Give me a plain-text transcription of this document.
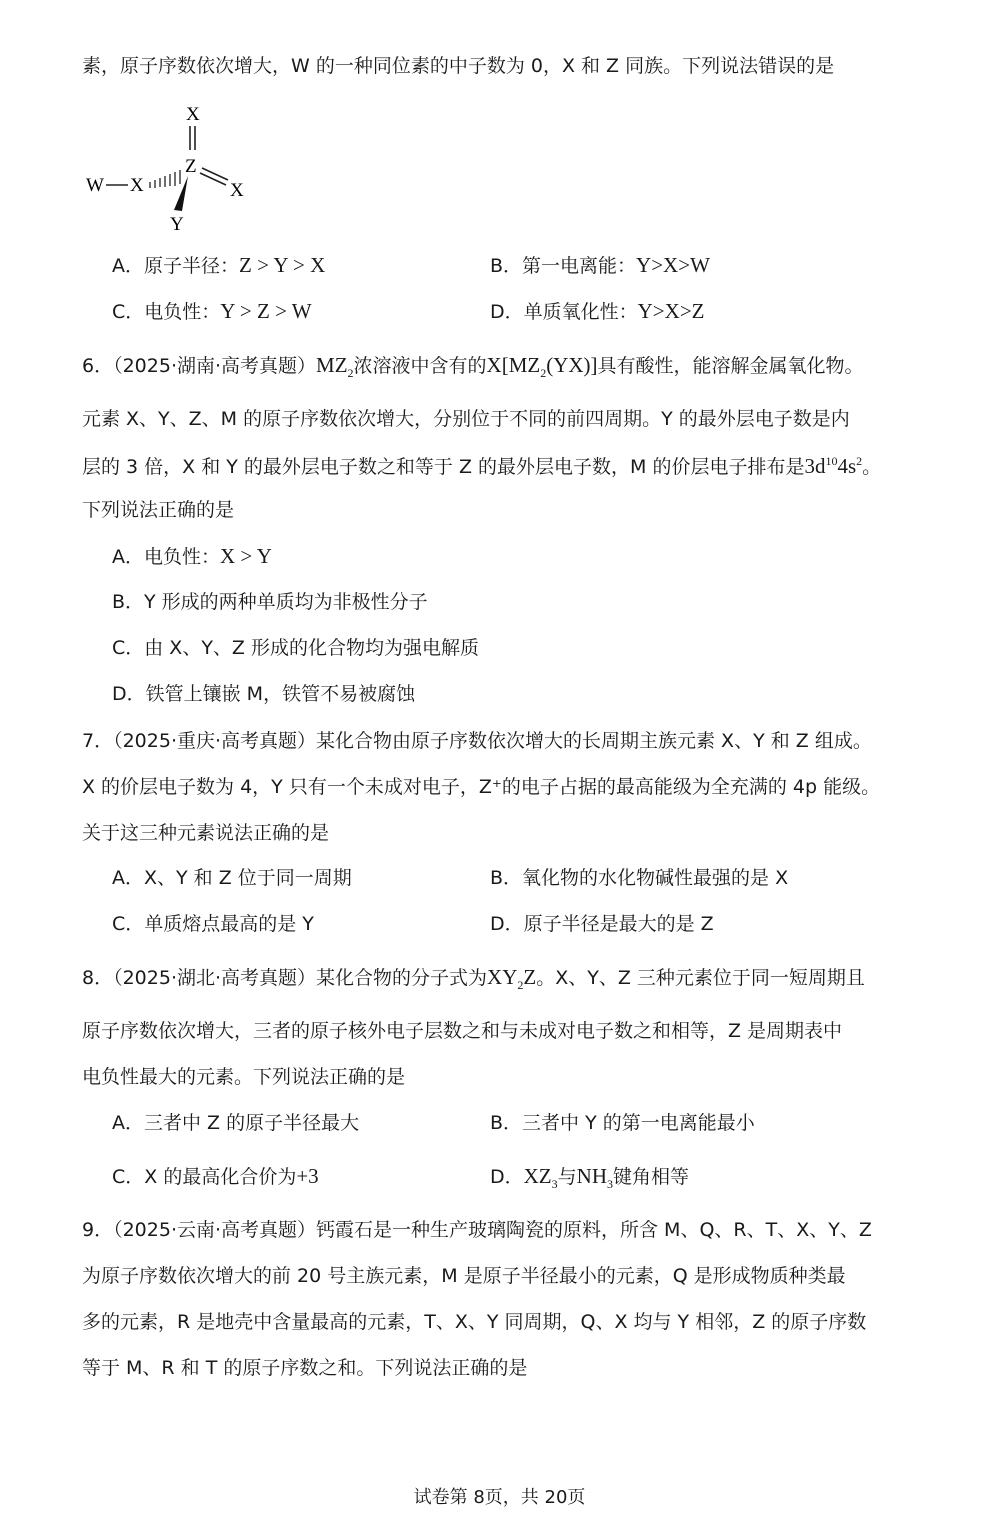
素，原子序数依次增大，W 的一种同位素的中子数为 0，X 和 Z 同族。下列说法错误的是
X
Z
X
W X
Y
A．原子半径：Z > Y > X	B．第一电离能：Y>X>W
C．电负性：Y > Z > W	D．单质氧化性：Y>X>Z
6．（2025·湖南·高考真题）$MZ_2$浓溶液中含有的$X[MZ_2(YX)]$具有酸性，能溶解金属氧化物。
元素 X、Y、Z、M 的原子序数依次增大，分别位于不同的前四周期。Y 的最外层电子数是内
层的 3 倍，X 和 Y 的最外层电子数之和等于 Z 的最外层电子数，M 的价层电子排布是$3d^{10}4s^2$。
下列说法正确的是
A．电负性：X > Y
B．Y 形成的两种单质均为非极性分子
C．由 X、Y、Z 形成的化合物均为强电解质
D．铁管上镶嵌 M，铁管不易被腐蚀
7．（2025·重庆·高考真题）某化合物由原子序数依次增大的长周期主族元素 X、Y 和 Z 组成。
X 的价层电子数为 4，Y 只有一个未成对电子，Z⁺的电子占据的最高能级为全充满的 4p 能级。
关于这三种元素说法正确的是
A．X、Y 和 Z 位于同一周期	B．氧化物的水化物碱性最强的是 X
C．单质熔点最高的是 Y	D．原子半径是最大的是 Z
8．（2025·湖北·高考真题）某化合物的分子式为$XY_2Z$。X、Y、Z 三种元素位于同一短周期且
原子序数依次增大，三者的原子核外电子层数之和与未成对电子数之和相等，Z 是周期表中
电负性最大的元素。下列说法正确的是
A．三者中 Z 的原子半径最大	B．三者中 Y 的第一电离能最小
C．X 的最高化合价为+3	D．$XZ_3$与$NH_3$键角相等
9．（2025·云南·高考真题）钙霞石是一种生产玻璃陶瓷的原料，所含 M、Q、R、T、X、Y、Z
为原子序数依次增大的前 20 号主族元素，M 是原子半径最小的元素，Q 是形成物质种类最
多的元素，R 是地壳中含量最高的元素，T、X、Y 同周期，Q、X 均与 Y 相邻，Z 的原子序数
等于 M、R 和 T 的原子序数之和。下列说法正确的是
试卷第 8页，共 20页
